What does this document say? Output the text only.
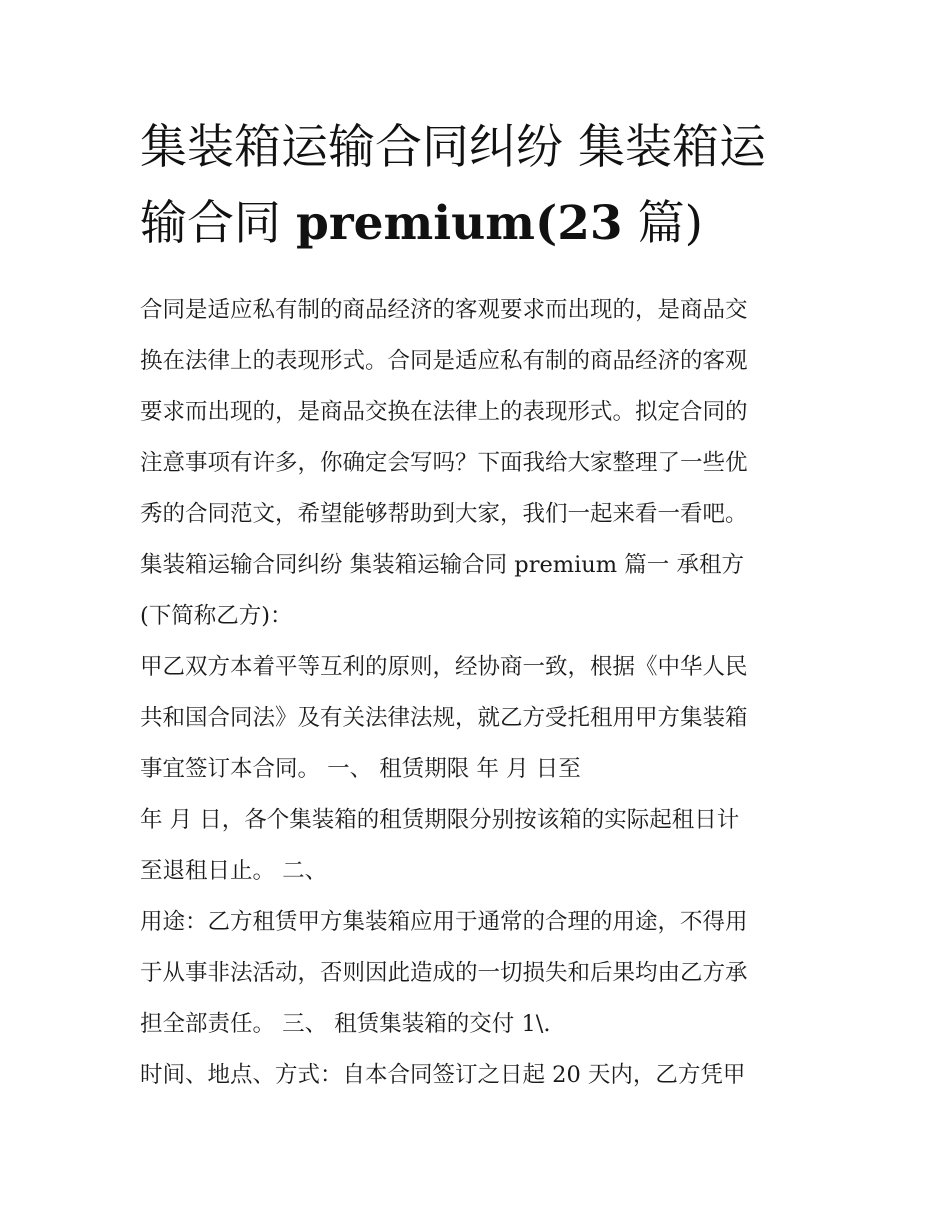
集装箱运输合同纠纷 集装箱运输合同 premium(23 篇)
合同是适应私有制的商品经济的客观要求而出现的，是商品交
换在法律上的表现形式。合同是适应私有制的商品经济的客观
要求而出现的，是商品交换在法律上的表现形式。拟定合同的
注意事项有许多，你确定会写吗？下面我给大家整理了一些优
秀的合同范文，希望能够帮助到大家，我们一起来看一看吧。
集装箱运输合同纠纷 集装箱运输合同 premium 篇一 承租方
(下简称乙方)：
甲乙双方本着平等互利的原则，经协商一致，根据《中华人民
共和国合同法》及有关法律法规，就乙方受托租用甲方集装箱
事宜签订本合同。 一、 租赁期限 年 月 日至
年 月 日，各个集装箱的租赁期限分别按该箱的实际起租日计
至退租日止。 二、
用途：乙方租赁甲方集装箱应用于通常的合理的用途，不得用
于从事非法活动，否则因此造成的一切损失和后果均由乙方承
担全部责任。 三、 租赁集装箱的交付 1\.
时间、地点、方式：自本合同签订之日起 20 天内，乙方凭甲
